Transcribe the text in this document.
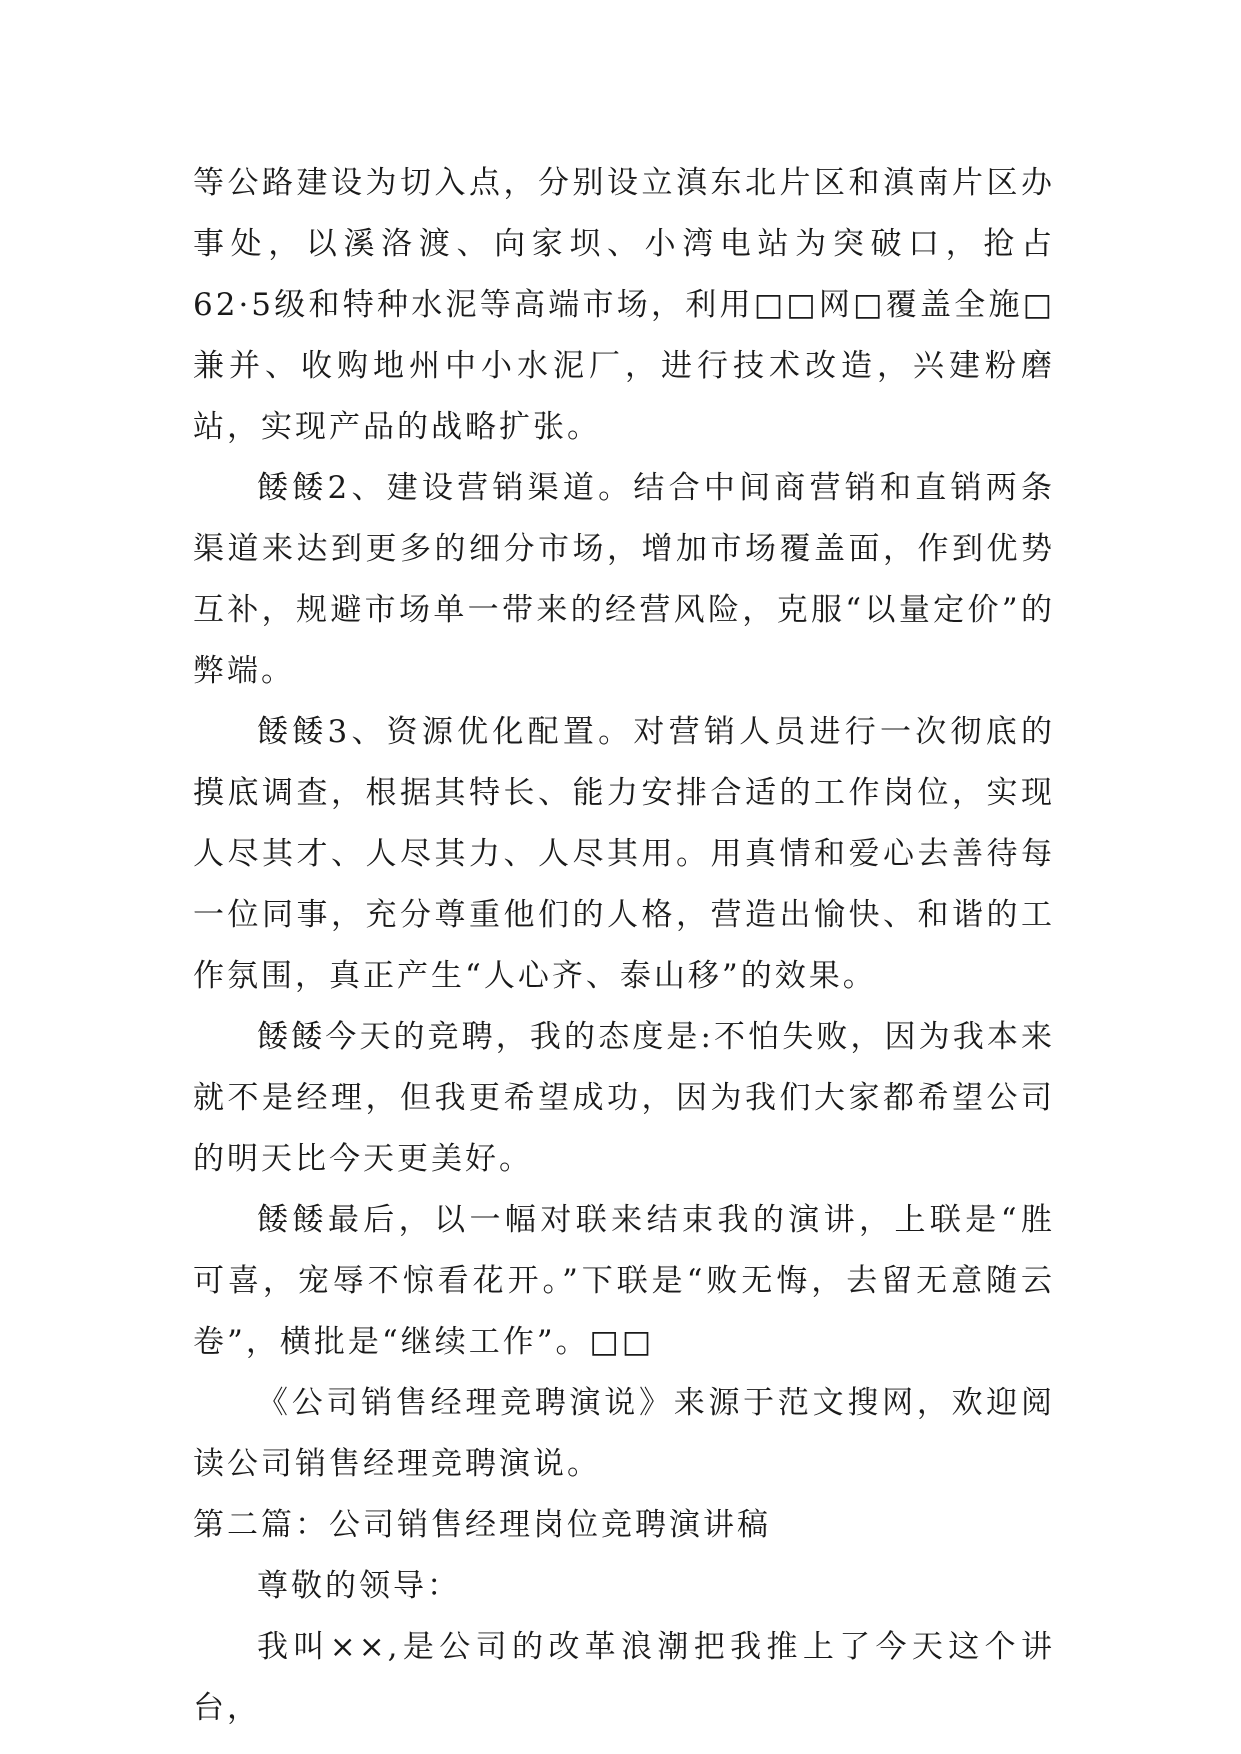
等公路建设为切入点，分别设立滇东北片区和滇南片区办事处，以溪洛渡、向家坝、小湾电站为突破口，抢占62·5级和特种水泥等高端市场，利用□□网□覆盖全施□兼并、收购地州中小水泥厂，进行技术改造，兴建粉磨站，实现产品的战略扩张。

餧餧2、建设营销渠道。结合中间商营销和直销两条渠道来达到更多的细分市场，增加市场覆盖面，作到优势互补，规避市场单一带来的经营风险，克服“以量定价”的弊端。

餧餧3、资源优化配置。对营销人员进行一次彻底的摸底调查，根据其特长、能力安排合适的工作岗位，实现人尽其才、人尽其力、人尽其用。用真情和爱心去善待每一位同事，充分尊重他们的人格，营造出愉快、和谐的工作氛围，真正产生“人心齐、泰山移”的效果。

餧餧今天的竞聘，我的态度是:不怕失败，因为我本来就不是经理，但我更希望成功，因为我们大家都希望公司的明天比今天更美好。

餧餧最后，以一幅对联来结束我的演讲，上联是“胜可喜，宠辱不惊看花开。”下联是“败无悔，去留无意随云卷”，横批是“继续工作”。□□

《公司销售经理竞聘演说》来源于范文搜网，欢迎阅读公司销售经理竞聘演说。

第二篇：公司销售经理岗位竞聘演讲稿

尊敬的领导：

我叫××,是公司的改革浪潮把我推上了今天这个讲台，
